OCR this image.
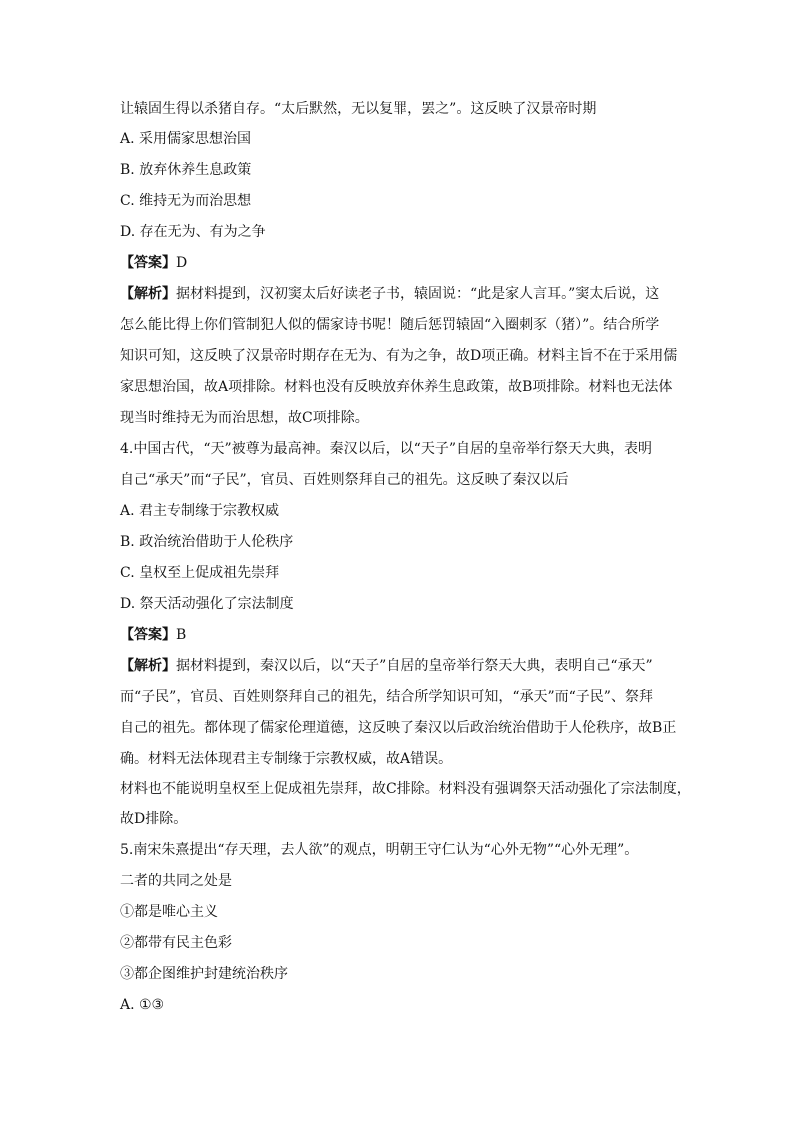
让辕固生得以杀猪自存。“太后默然，无以复罪，罢之”。这反映了汉景帝时期
A. 采用儒家思想治国
B. 放弃休养生息政策
C. 维持无为而治思想
D. 存在无为、有为之争
【答案】D
【解析】据材料提到，汉初窦太后好读老子书，辕固说：“此是家人言耳。”窦太后说，这
怎么能比得上你们管制犯人似的儒家诗书呢！随后惩罚辕固“入圈刺豕（猪）”。结合所学
知识可知，这反映了汉景帝时期存在无为、有为之争，故D项正确。材料主旨不在于采用儒
家思想治国，故A项排除。材料也没有反映放弃休养生息政策，故B项排除。材料也无法体
现当时维持无为而治思想，故C项排除。
4.中国古代，“天”被尊为最高神。秦汉以后，以“天子”自居的皇帝举行祭天大典，表明
自己“承天”而“子民”，官员、百姓则祭拜自己的祖先。这反映了秦汉以后
A. 君主专制缘于宗教权威
B. 政治统治借助于人伦秩序
C. 皇权至上促成祖先崇拜
D. 祭天活动强化了宗法制度
【答案】B
【解析】据材料提到，秦汉以后，以“天子”自居的皇帝举行祭天大典，表明自己“承天”
而“子民”，官员、百姓则祭拜自己的祖先，结合所学知识可知，“承天”而“子民”、祭拜
自己的祖先。都体现了儒家伦理道德，这反映了秦汉以后政治统治借助于人伦秩序，故B正
确。材料无法体现君主专制缘于宗教权威，故A错误。
材料也不能说明皇权至上促成祖先崇拜，故C排除。材料没有强调祭天活动强化了宗法制度，
故D排除。
5.南宋朱熹提出“存天理，去人欲”的观点，明朝王守仁认为“心外无物”“心外无理”。
二者的共同之处是
①都是唯心主义
②都带有民主色彩
③都企图维护封建统治秩序
A. ①③
